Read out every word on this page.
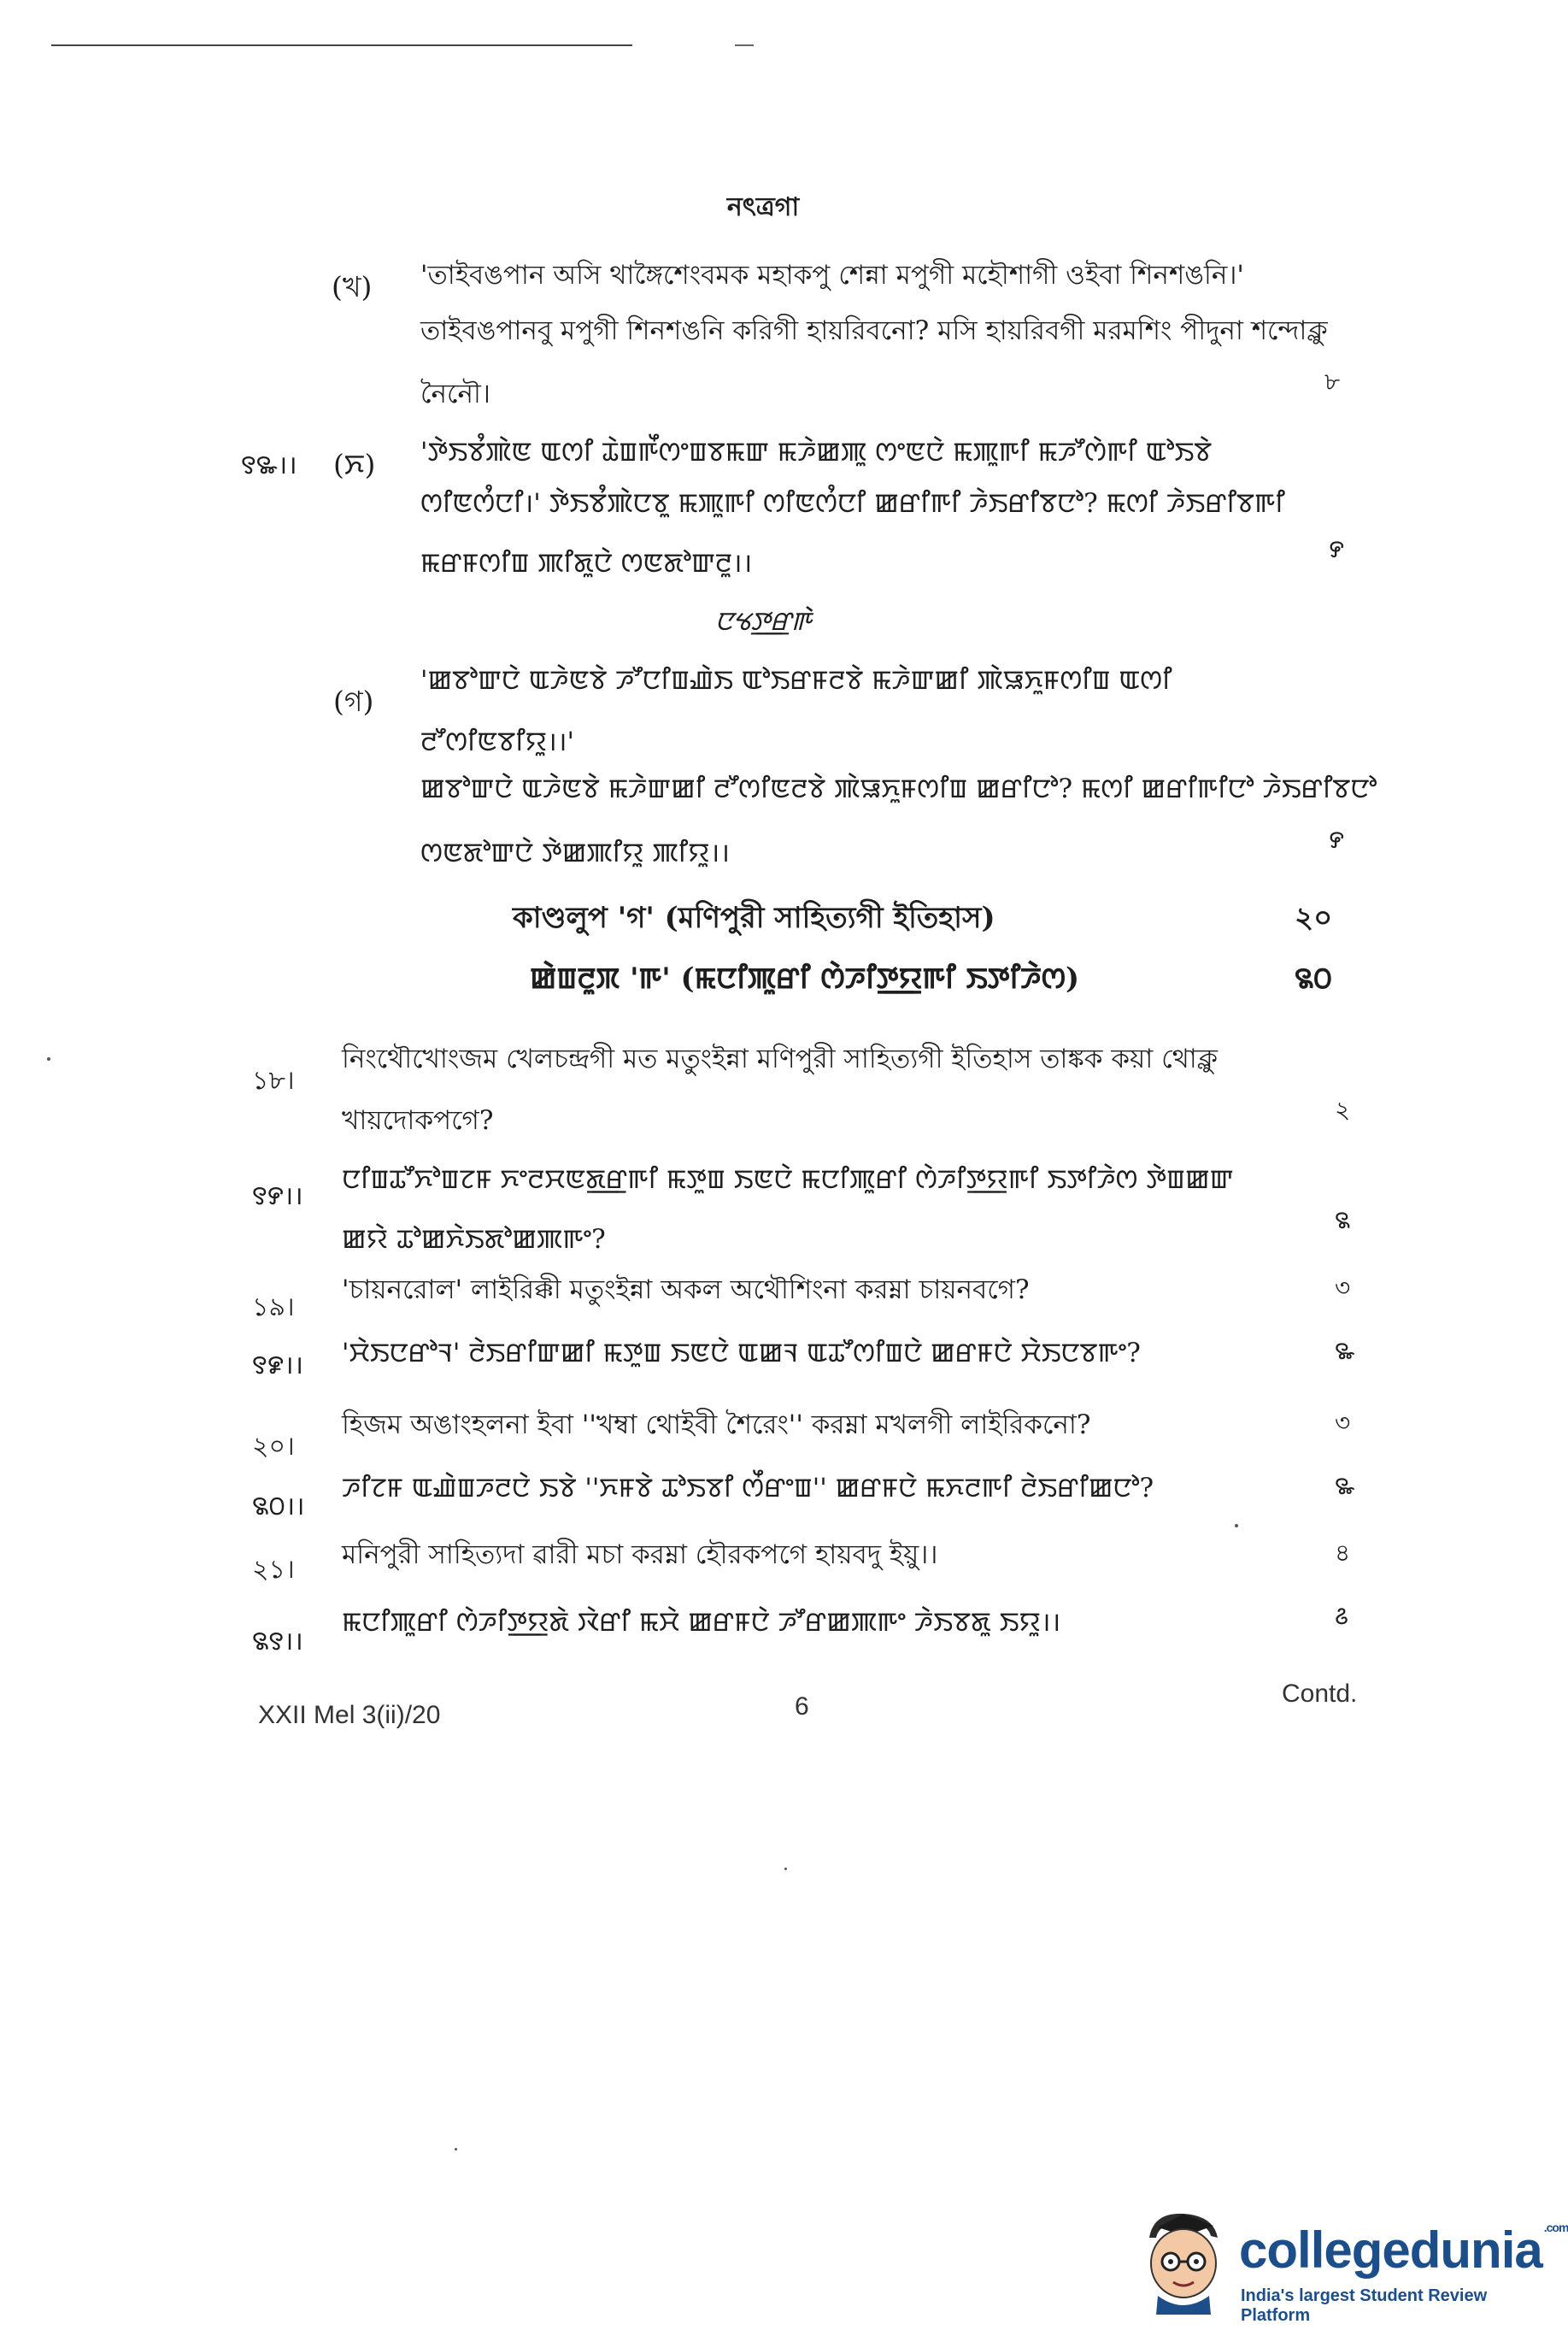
নৎত্রগা
(খ) 'তাইবঙপান অসি থাঙ্গৈশেংবমক মহাকপু শেন্না মপুগী মহৌশাগী ওইবা শিনশঙনি।'
তাইবঙপানবু মপুগী শিনশঙনি করিগী হায়রিবনো? মসি হায়রিবগী মরমশিং পীদুনা শন্দোক্লু
নৈনৌ।	৮
꯱꯳।। (ꯈ) 'ꯇꯥꯏꯕꯪꯄꯥꯟ ꯑꯁꯤ ꯊꯥꯡꯒꯩꯁꯦꯡꯕꯃꯛ ꯃꯍꯥꯀꯄꯨ ꯁꯦꯟꯅꯥ ꯃꯄꯨꯒꯤ ꯃꯍꯧꯁꯥꯒꯤ ꯑꯣꯏꯕꯥ
ꯁꯤꯟꯁꯪꯅꯤ।' ꯇꯥꯏꯕꯪꯄꯥꯅꯕꯨ ꯃꯄꯨꯒꯤ ꯁꯤꯟꯁꯪꯅꯤ ꯀꯔꯤꯒꯤ ꯍꯥꯏꯔꯤꯕꯅꯣ? ꯃꯁꯤ ꯍꯥꯏꯔꯤꯕꯒꯤ
ꯃꯔꯝꯁꯤꯡ ꯄꯤꯗꯨꯅꯥ ꯁꯟꯗꯣꯛꯂꯨ।।	꯸
ꯅꯠꯇ꯭ꯔꯒꯥ
(গ)
'ꯀꯕꯣꯛꯅꯥ ꯑꯍꯥꯟꯕꯥ ꯍꯧꯅꯤꯡꯉꯥꯏ ꯑꯣꯏꯔꯝꯂꯕꯥ ꯃꯍꯥꯛꯀꯤ ꯄꯥꯎꯈꯨꯝꯁꯤꯡ ꯑꯁꯤ
ꯂꯧꯁꯤꯟꯕꯤꯌꯨ।।'
ꯀꯕꯣꯛꯅꯥ ꯑꯍꯥꯟꯕꯥ ꯃꯍꯥꯛꯀꯤ ꯂꯧꯁꯤꯟꯂꯕꯥ ꯄꯥꯎꯈꯨꯝꯁꯤꯡ ꯀꯔꯤꯅꯣ? ꯃꯁꯤ ꯀꯔꯤꯒꯤꯅꯣ ꯍꯥꯏꯔꯤꯕꯅꯣ
ꯁꯟꯗꯣꯛꯅꯥ ꯇꯥꯀꯄꯤꯌꯨ ꯄꯤꯌꯨ।।	꯸
কাণ্ডলুপ 'গ' (মণিপুরী সাহিত্যগী ইতিহাস)	২০
ꯀꯥꯡꯂꯨꯞ 'ꯒ' (ꯃꯅꯤꯄꯨꯔꯤ ꯁꯥꯍꯤꯇ꯭ꯌꯒꯤ ꯏꯇꯤꯍꯥꯁ)	꯲꯰
১৮।
নিংথৌখোংজম খেলচন্দ্রগী মত মতুংইন্না মণিপুরী সাহিত্যগী ইতিহাস তাঙ্কক কয়া থোক্লু
খায়দোকপগে?	২
꯱꯸।।
ꯅꯤꯡꯊꯧꯈꯣꯡꯖꯝ ꯈꯦꯂꯆꯟꯗ꯭ꯔꯒꯤ ꯃꯇꯨꯡ ꯏꯟꯅꯥ ꯃꯅꯤꯄꯨꯔꯤ ꯁꯥꯍꯤꯇ꯭ꯌꯒꯤ ꯏꯇꯤꯍꯥꯁ ꯇꯥꯡꯀꯛ
ꯀꯌꯥ ꯊꯣꯀꯈꯥꯏꯗꯣꯀꯄꯒꯦ?
꯲
১৯।
'চায়নরোল' লাইরিক্কী মতুংইন্না অকল অথৌশিংনা করম্না চায়নবগে?	৩
꯱꯹।। 'ꯆꯥꯏꯅꯔꯣꯜ' ꯂꯥꯏꯔꯤꯛꯀꯤ ꯃꯇꯨꯡ ꯏꯟꯅꯥ ꯑꯀꯜ ꯑꯊꯧꯁꯤꯡꯅꯥ ꯀꯔꯝꯅꯥ ꯆꯥꯏꯅꯕꯒꯦ?	꯳
২০।
হিজম অঙাংহলনা ইবা ''খম্বা থোইবী শৈরেং'' করম্না মখলগী লাইরিকনো?	৩
꯲꯰।।
ꯍꯤꯖꯝ ꯑꯉꯥꯡꯍꯂꯅꯥ ꯏꯕꯥ ''ꯈꯝꯕꯥ ꯊꯣꯏꯕꯤ ꯁꯩꯔꯦꯡ'' ꯀꯔꯝꯅꯥ ꯃꯈꯂꯒꯤ ꯂꯥꯏꯔꯤꯀꯅꯣ?	꯳
২১। মনিপুরী সাহিত্যদা ৱারী মচা করম্না হৌরকপগে হায়বদু ইয়ু।।	৪
꯲꯱।।
ꯃꯅꯤꯄꯨꯔꯤ ꯁꯥꯍꯤꯇ꯭ꯌꯗꯥ ꯋꯥꯔꯤ ꯃꯆꯥ ꯀꯔꯝꯅꯥ ꯍꯧꯔꯀꯄꯒꯦ ꯍꯥꯏꯕꯗꯨ ꯏꯌꯨ।।	꯴
XXII Mel 3(ii)/20	6	Contd.
collegedunia $^{.com}$
India's largest Student Review Platform
